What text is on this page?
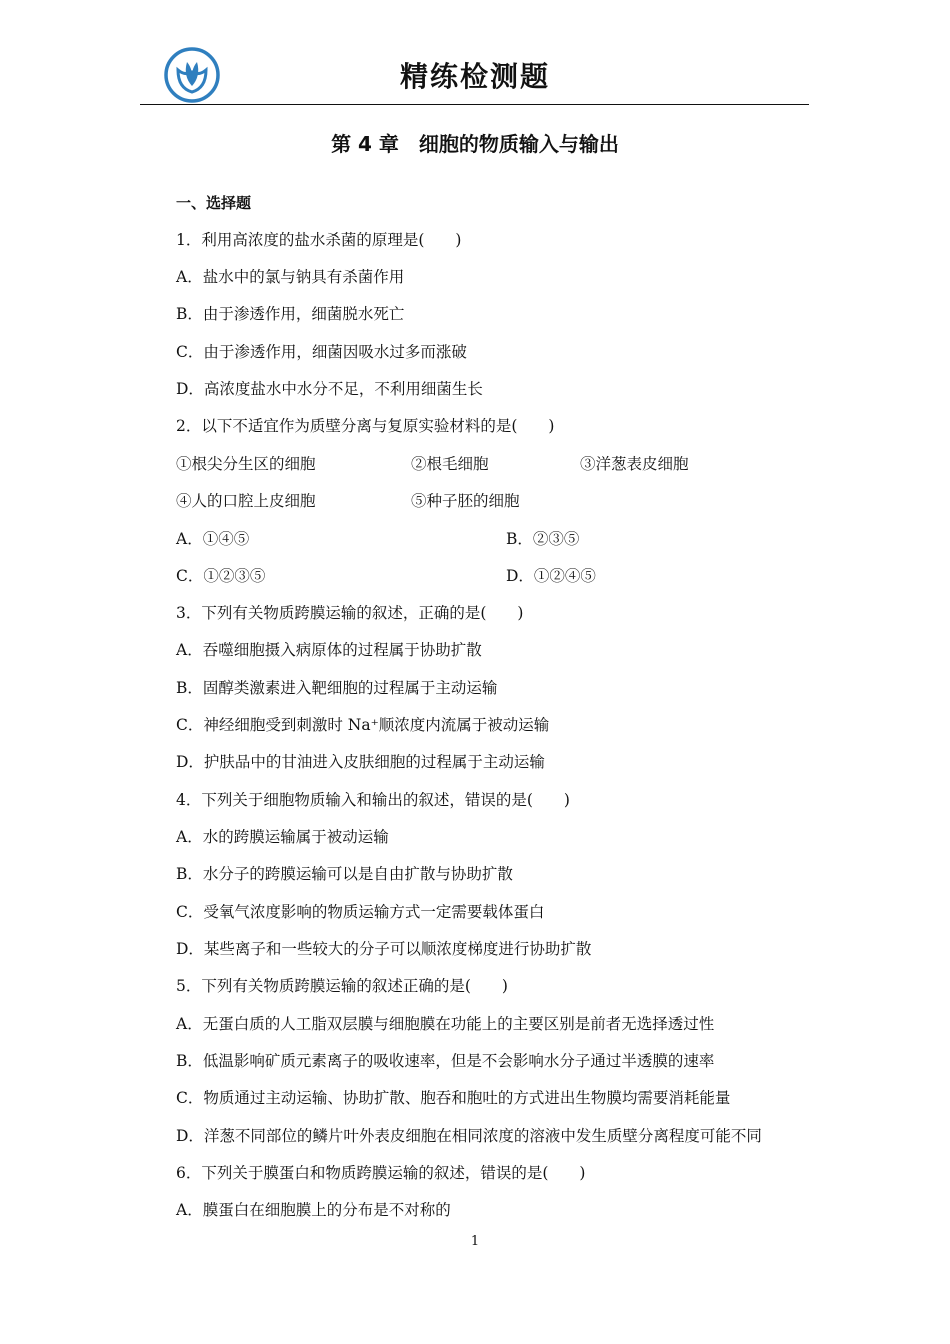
精练检测题
第 4 章　细胞的物质输入与输出
一、选择题
1．利用高浓度的盐水杀菌的原理是(　　)
A．盐水中的氯与钠具有杀菌作用
B．由于渗透作用，细菌脱水死亡
C．由于渗透作用，细菌因吸水过多而涨破
D．高浓度盐水中水分不足，不利用细菌生长
2．以下不适宜作为质壁分离与复原实验材料的是(　　)
①根尖分生区的细胞	②根毛细胞	③洋葱表皮细胞
④人的口腔上皮细胞	⑤种子胚的细胞
A．①④⑤	B．②③⑤
C．①②③⑤	D．①②④⑤
3．下列有关物质跨膜运输的叙述，正确的是(　　)
A．吞噬细胞摄入病原体的过程属于协助扩散
B．固醇类激素进入靶细胞的过程属于主动运输
C．神经细胞受到刺激时 Na⁺顺浓度内流属于被动运输
D．护肤品中的甘油进入皮肤细胞的过程属于主动运输
4．下列关于细胞物质输入和输出的叙述，错误的是(　　)
A．水的跨膜运输属于被动运输
B．水分子的跨膜运输可以是自由扩散与协助扩散
C．受氧气浓度影响的物质运输方式一定需要载体蛋白
D．某些离子和一些较大的分子可以顺浓度梯度进行协助扩散
5．下列有关物质跨膜运输的叙述正确的是(　　)
A．无蛋白质的人工脂双层膜与细胞膜在功能上的主要区别是前者无选择透过性
B．低温影响矿质元素离子的吸收速率，但是不会影响水分子通过半透膜的速率
C．物质通过主动运输、协助扩散、胞吞和胞吐的方式进出生物膜均需要消耗能量
D．洋葱不同部位的鳞片叶外表皮细胞在相同浓度的溶液中发生质壁分离程度可能不同
6．下列关于膜蛋白和物质跨膜运输的叙述，错误的是(　　)
A．膜蛋白在细胞膜上的分布是不对称的
1
